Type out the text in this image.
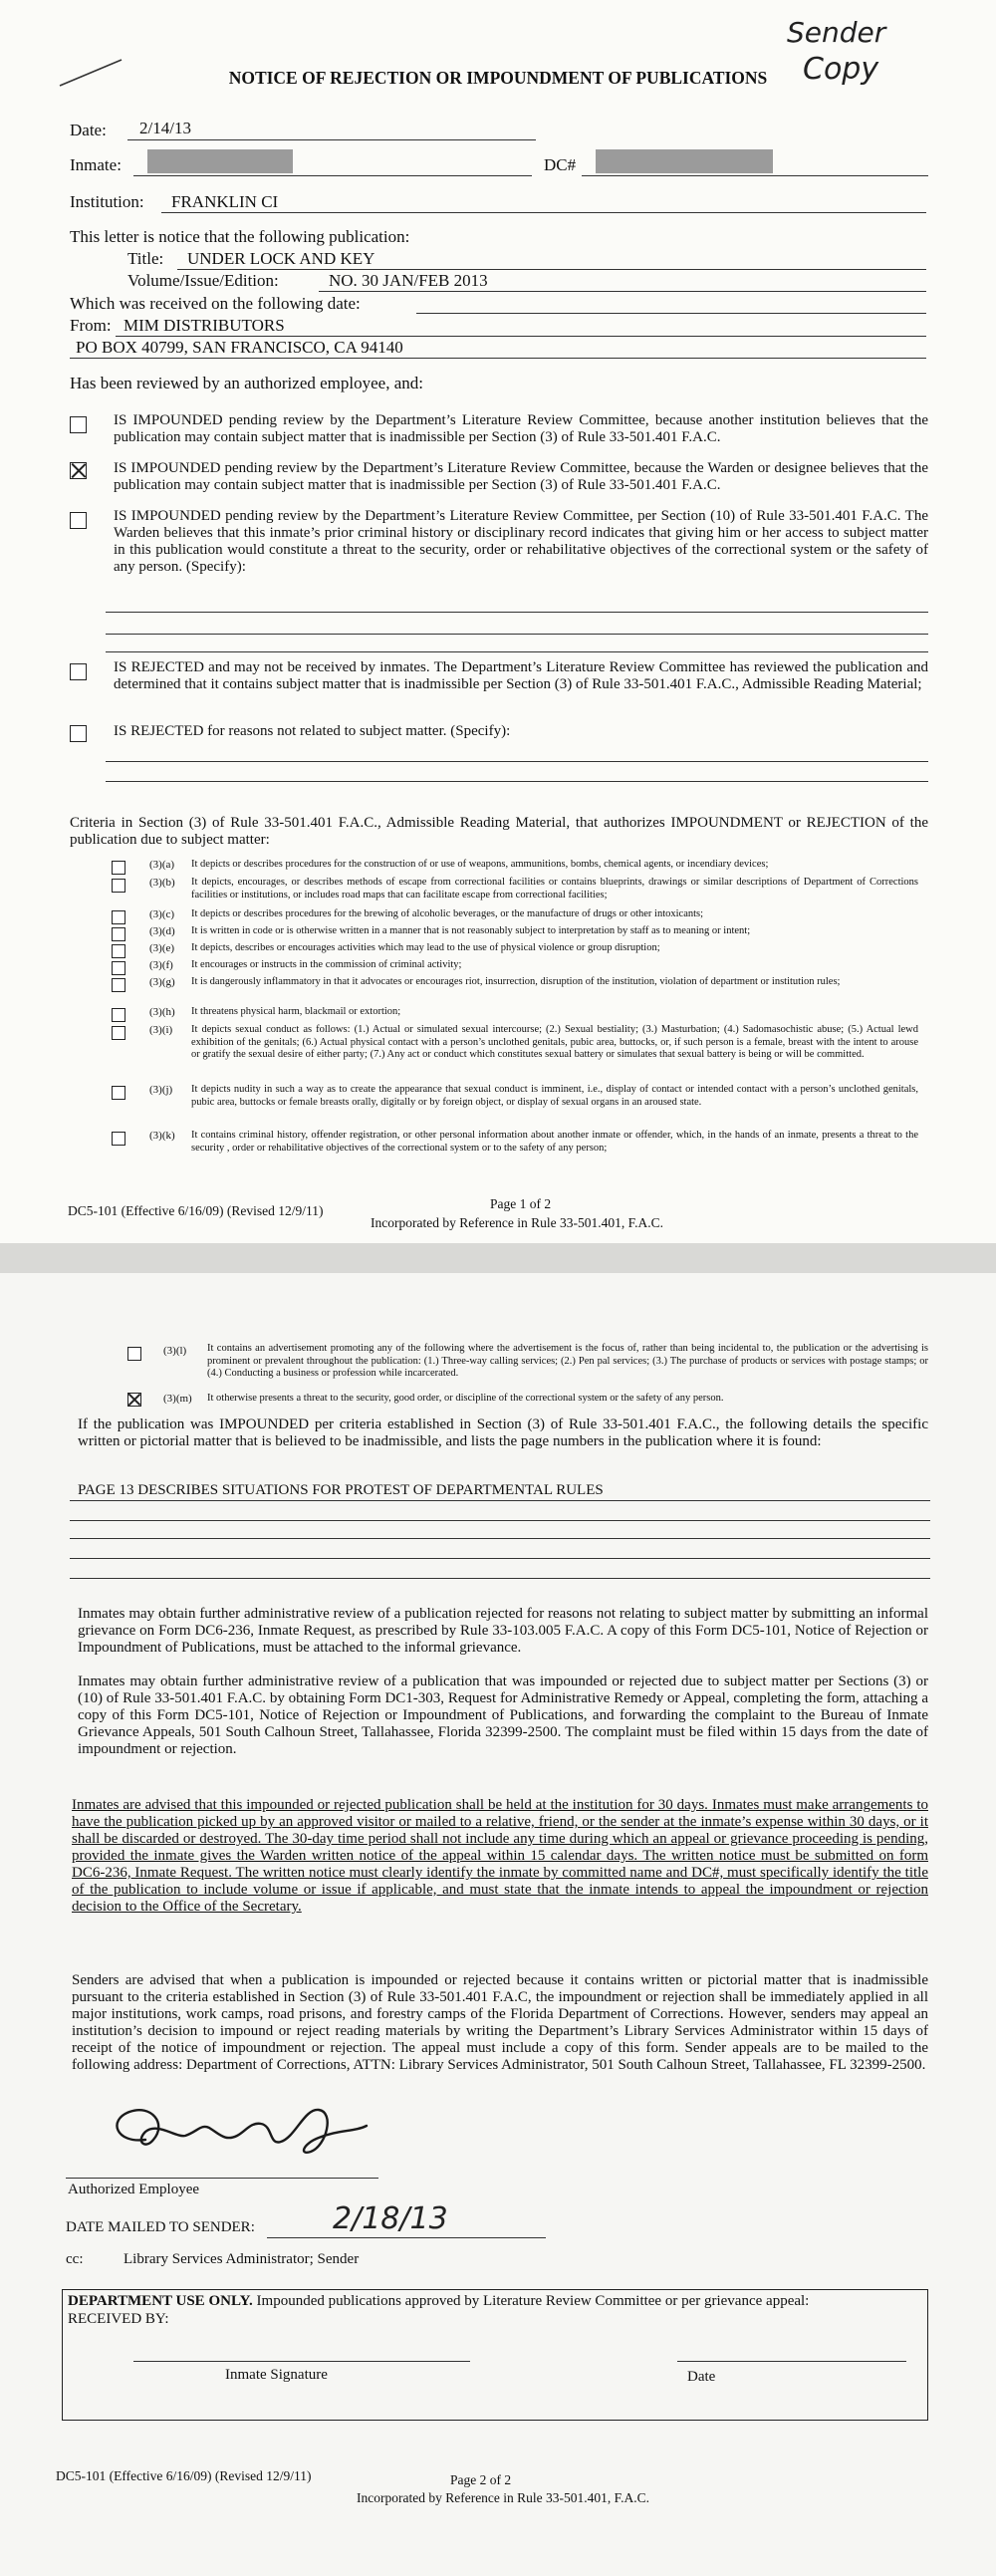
Sender
Copy
NOTICE OF REJECTION OR IMPOUNDMENT OF PUBLICATIONS
Date: 2/14/13
Inmate:	DC#
Institution: FRANKLIN CI
This letter is notice that the following publication:
Title: UNDER LOCK AND KEY
Volume/Issue/Edition:	NO. 30 JAN/FEB 2013
Which was received on the following date:
From: MIM DISTRIBUTORS
PO BOX 40799, SAN FRANCISCO, CA 94140
Has been reviewed by an authorized employee, and:
IS IMPOUNDED pending review by the Department’s Literature Review Committee, because another institution believes that the publication may contain subject matter that is inadmissible per Section (3) of Rule 33-501.401 F.A.C.
IS IMPOUNDED pending review by the Department’s Literature Review Committee, because the Warden or designee believes that the publication may contain subject matter that is inadmissible per Section (3) of Rule 33-501.401 F.A.C.
IS IMPOUNDED pending review by the Department’s Literature Review Committee, per Section (10) of Rule 33-501.401 F.A.C. The Warden believes that this inmate’s prior criminal history or disciplinary record indicates that giving him or her access to subject matter in this publication would constitute a threat to the security, order or rehabilitative objectives of the correctional system or the safety of any person. (Specify):
IS REJECTED and may not be received by inmates. The Department’s Literature Review Committee has reviewed the publication and determined that it contains subject matter that is inadmissible per Section (3) of Rule 33-501.401 F.A.C., Admissible Reading Material;
IS REJECTED for reasons not related to subject matter. (Specify):
Criteria in Section (3) of Rule 33-501.401 F.A.C., Admissible Reading Material, that authorizes IMPOUNDMENT or REJECTION of the publication due to subject matter:
(3)(a) It depicts or describes procedures for the construction of or use of weapons, ammunitions, bombs, chemical agents, or incendiary devices;
(3)(b) It depicts, encourages, or describes methods of escape from correctional facilities or contains blueprints, drawings or similar descriptions of Department of Corrections facilities or institutions, or includes road maps that can facilitate escape from correctional facilities;
(3)(c) It depicts or describes procedures for the brewing of alcoholic beverages, or the manufacture of drugs or other intoxicants;
(3)(d) It is written in code or is otherwise written in a manner that is not reasonably subject to interpretation by staff as to meaning or intent;
(3)(e) It depicts, describes or encourages activities which may lead to the use of physical violence or group disruption;
(3)(f) It encourages or instructs in the commission of criminal activity;
(3)(g) It is dangerously inflammatory in that it advocates or encourages riot, insurrection, disruption of the institution, violation of department or institution rules;
(3)(h) It threatens physical harm, blackmail or extortion;
(3)(i) It depicts sexual conduct as follows: (1.) Actual or simulated sexual intercourse; (2.) Sexual bestiality; (3.) Masturbation; (4.) Sadomasochistic abuse; (5.) Actual lewd exhibition of the genitals; (6.) Actual physical contact with a person’s unclothed genitals, pubic area, buttocks, or, if such person is a female, breast with the intent to arouse or gratify the sexual desire of either party; (7.) Any act or conduct which constitutes sexual battery or simulates that sexual battery is being or will be committed.
(3)(j) It depicts nudity in such a way as to create the appearance that sexual conduct is imminent, i.e., display of contact or intended contact with a person’s unclothed genitals, pubic area, buttocks or female breasts orally, digitally or by foreign object, or display of sexual organs in an aroused state.
(3)(k) It contains criminal history, offender registration, or other personal information about another inmate or offender, which, in the hands of an inmate, presents a threat to the security , order or rehabilitative objectives of the correctional system or to the safety of any person;
DC5-101 (Effective 6/16/09) (Revised 12/9/11)	Page 1 of 2
Incorporated by Reference in Rule 33-501.401, F.A.C.
(3)(l) It contains an advertisement promoting any of the following where the advertisement is the focus of, rather than being incidental to, the publication or the advertising is prominent or prevalent throughout the publication: (1.) Three-way calling services; (2.) Pen pal services; (3.) The purchase of products or services with postage stamps; or (4.) Conducting a business or profession while incarcerated.
(3)(m) It otherwise presents a threat to the security, good order, or discipline of the correctional system or the safety of any person.
If the publication was IMPOUNDED per criteria established in Section (3) of Rule 33-501.401 F.A.C., the following details the specific written or pictorial matter that is believed to be inadmissible, and lists the page numbers in the publication where it is found:
PAGE 13 DESCRIBES SITUATIONS FOR PROTEST OF DEPARTMENTAL RULES
Inmates may obtain further administrative review of a publication rejected for reasons not relating to subject matter by submitting an informal grievance on Form DC6-236, Inmate Request, as prescribed by Rule 33-103.005 F.A.C. A copy of this Form DC5-101, Notice of Rejection or Impoundment of Publications, must be attached to the informal grievance.
Inmates may obtain further administrative review of a publication that was impounded or rejected due to subject matter per Sections (3) or (10) of Rule 33-501.401 F.A.C. by obtaining Form DC1-303, Request for Administrative Remedy or Appeal, completing the form, attaching a copy of this Form DC5-101, Notice of Rejection or Impoundment of Publications, and forwarding the complaint to the Bureau of Inmate Grievance Appeals, 501 South Calhoun Street, Tallahassee, Florida 32399-2500. The complaint must be filed within 15 days from the date of impoundment or rejection.
Inmates are advised that this impounded or rejected publication shall be held at the institution for 30 days. Inmates must make arrangements to have the publication picked up by an approved visitor or mailed to a relative, friend, or the sender at the inmate’s expense within 30 days, or it shall be discarded or destroyed. The 30-day time period shall not include any time during which an appeal or grievance proceeding is pending, provided the inmate gives the Warden written notice of the appeal within 15 calendar days. The written notice must be submitted on form DC6-236, Inmate Request. The written notice must clearly identify the inmate by committed name and DC#, must specifically identify the title of the publication to include volume or issue if applicable, and must state that the inmate intends to appeal the impoundment or rejection decision to the Office of the Secretary.
Senders are advised that when a publication is impounded or rejected because it contains written or pictorial matter that is inadmissible pursuant to the criteria established in Section (3) of Rule 33-501.401 F.A.C, the impoundment or rejection shall be immediately applied in all major institutions, work camps, road prisons, and forestry camps of the Florida Department of Corrections. However, senders may appeal an institution’s decision to impound or reject reading materials by writing the Department’s Library Services Administrator within 15 days of receipt of the notice of impoundment or rejection. The appeal must include a copy of this form. Sender appeals are to be mailed to the following address: Department of Corrections, ATTN: Library Services Administrator, 501 South Calhoun Street, Tallahassee, FL 32399-2500.
Authorized Employee
DATE MAILED TO SENDER:	2/18/13
cc:	Library Services Administrator; Sender
DEPARTMENT USE ONLY. Impounded publications approved by Literature Review Committee or per grievance appeal:
RECEIVED BY:
Inmate Signature	Date
DC5-101 (Effective 6/16/09) (Revised 12/9/11)	Page 2 of 2
Incorporated by Reference in Rule 33-501.401, F.A.C.
